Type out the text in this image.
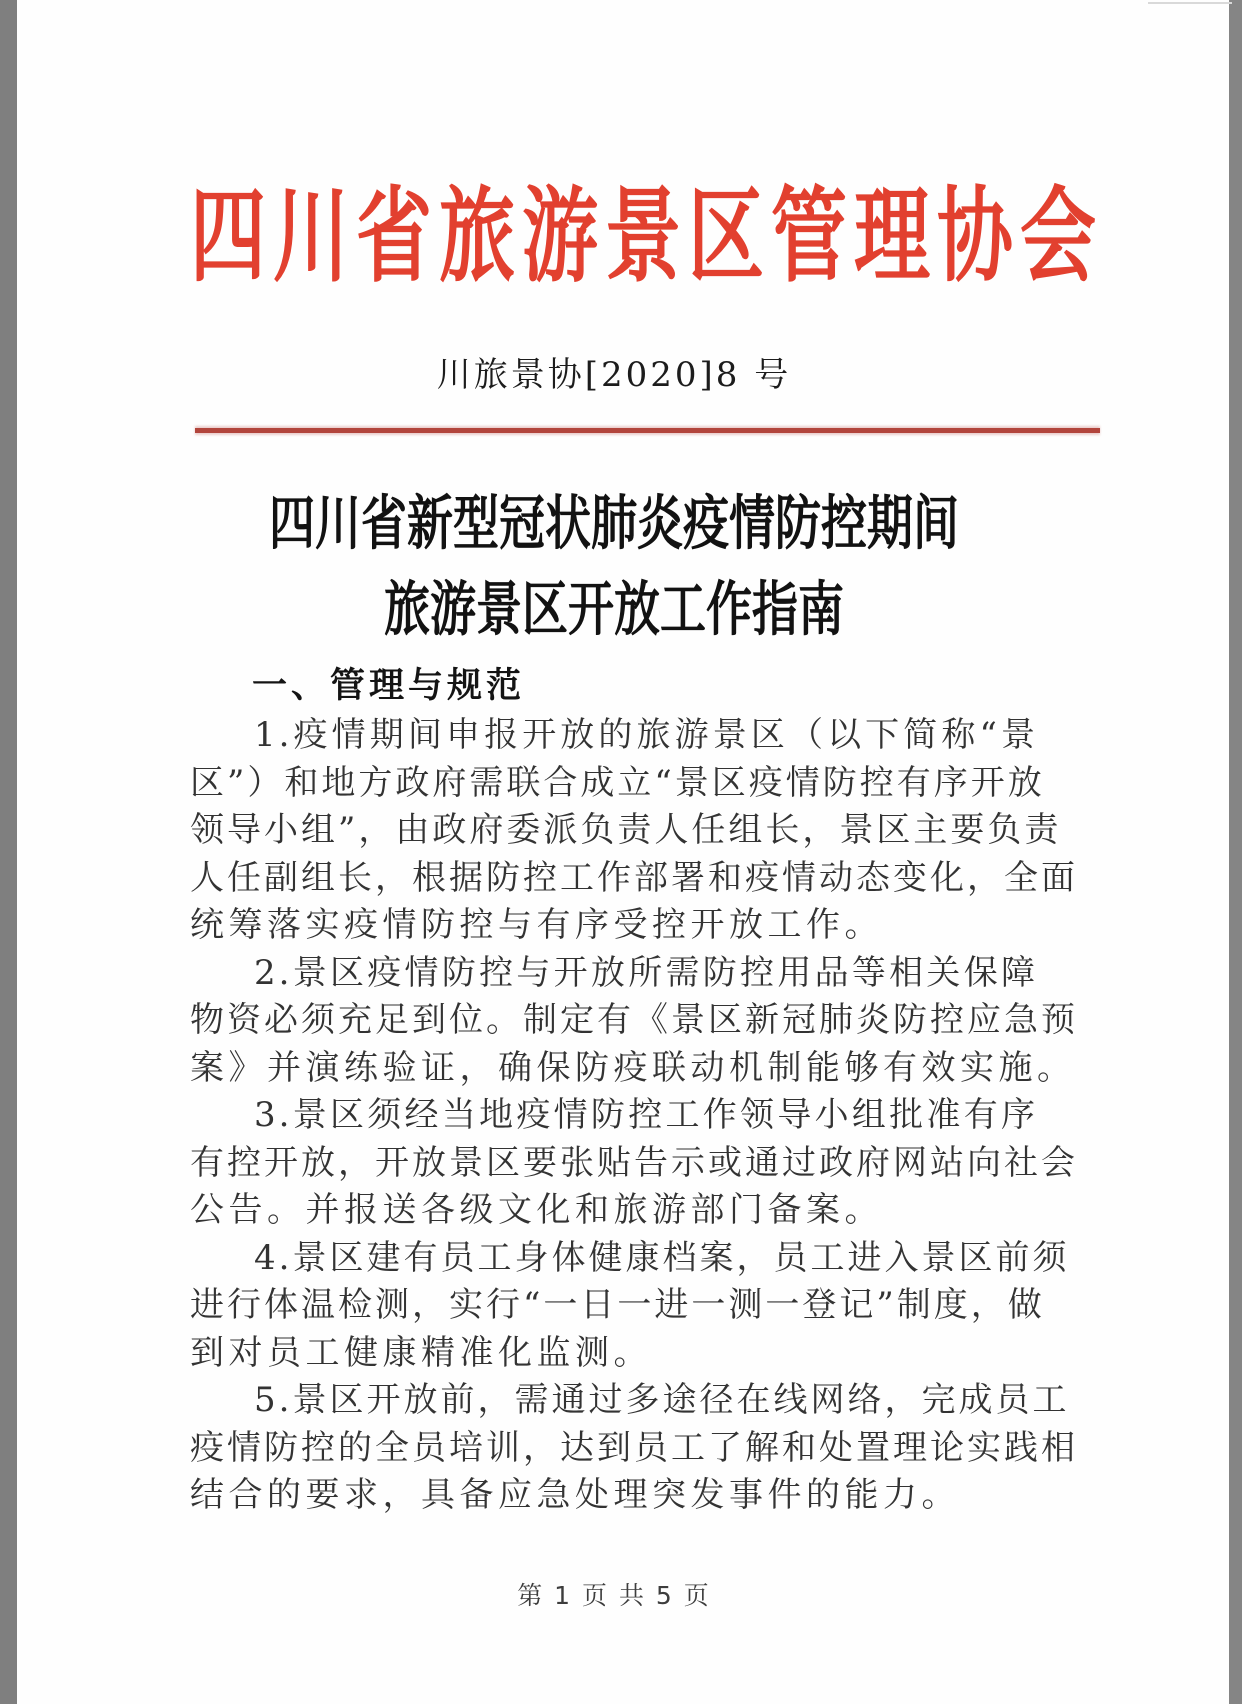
四川省旅游景区管理协会
川旅景协[2020]8 号
四川省新型冠状肺炎疫情防控期间
旅游景区开放工作指南
一、管理与规范
1.疫情期间申报开放的旅游景区（以下简称“景
区”）和地方政府需联合成立“景区疫情防控有序开放
领导小组”，由政府委派负责人任组长，景区主要负责
人任副组长，根据防控工作部署和疫情动态变化，全面
统筹落实疫情防控与有序受控开放工作。
2.景区疫情防控与开放所需防控用品等相关保障
物资必须充足到位。制定有《景区新冠肺炎防控应急预
案》并演练验证，确保防疫联动机制能够有效实施。
3.景区须经当地疫情防控工作领导小组批准有序
有控开放，开放景区要张贴告示或通过政府网站向社会
公告。并报送各级文化和旅游部门备案。
4.景区建有员工身体健康档案，员工进入景区前须
进行体温检测，实行“一日一进一测一登记”制度，做
到对员工健康精准化监测。
5.景区开放前，需通过多途径在线网络，完成员工
疫情防控的全员培训，达到员工了解和处置理论实践相
结合的要求，具备应急处理突发事件的能力。
第 1 页 共 5 页
